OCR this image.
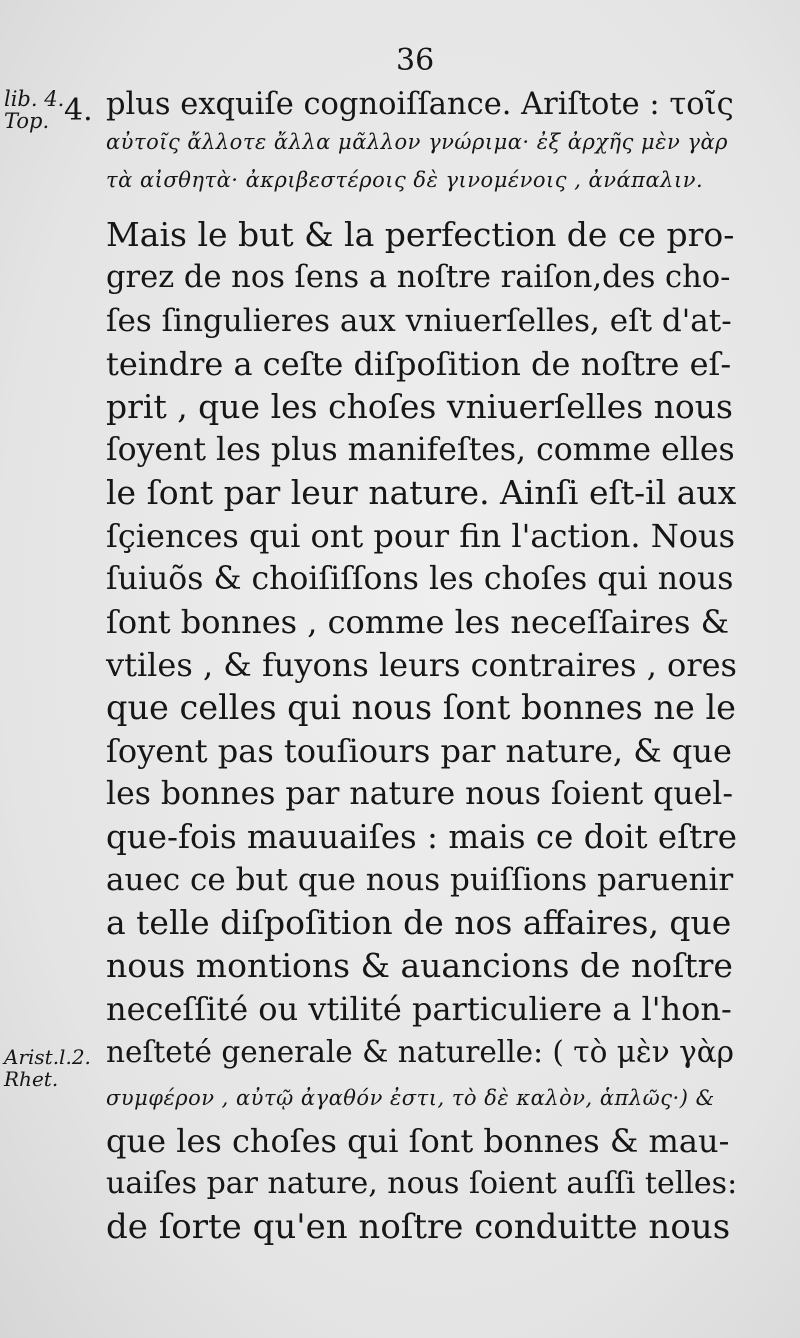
36
lib. 4.
Top. 4.
Arist.l.2.
Rhet.
plus exquiſe cognoiſſance. Ariſtote : τοῖς
αὐτοῖς ἄλλοτε ἄλλα μᾶλλον γνώριμα· ἐξ ἀρχῆς μὲν γὰρ
τὰ αἰσθητὰ· ἀκριβεστέροις δὲ γινομένοις , ἀνάπαλιν.
Mais le but & la perfection de ce pro-
grez de nos ſens a noſtre raiſon,des cho-
ſes ſingulieres aux vniuerſelles, eſt d'at-
teindre a ceſte diſpoſition de noſtre eſ-
prit , que les choſes vniuerſelles nous
ſoyent les plus manifeſtes, comme elles
le ſont par leur nature. Ainſi eſt-il aux
ſçiences qui ont pour fin l'action. Nous
ſuiuõs & choiſiſſons les choſes qui nous
ſont bonnes , comme les neceſſaires &
vtiles , & fuyons leurs contraires , ores
que celles qui nous ſont bonnes ne le
ſoyent pas touſiours par nature, & que
les bonnes par nature nous ſoient quel-
que-fois mauuaiſes : mais ce doit eſtre
auec ce but que nous puiſſions paruenir
a telle diſpoſition de nos affaires, que
nous montions & auancions de noſtre
neceſſité ou vtilité particuliere a l'hon-
neſteté generale & naturelle: ( τὸ μὲν γὰρ
συμφέρον , αὐτῷ ἀγαθόν ἐστι, τὸ δὲ καλὸν, ἁπλῶς·) &
que les choſes qui ſont bonnes & mau-
uaiſes par nature, nous ſoient auſſi telles:
de ſorte qu'en noſtre conduitte nous
